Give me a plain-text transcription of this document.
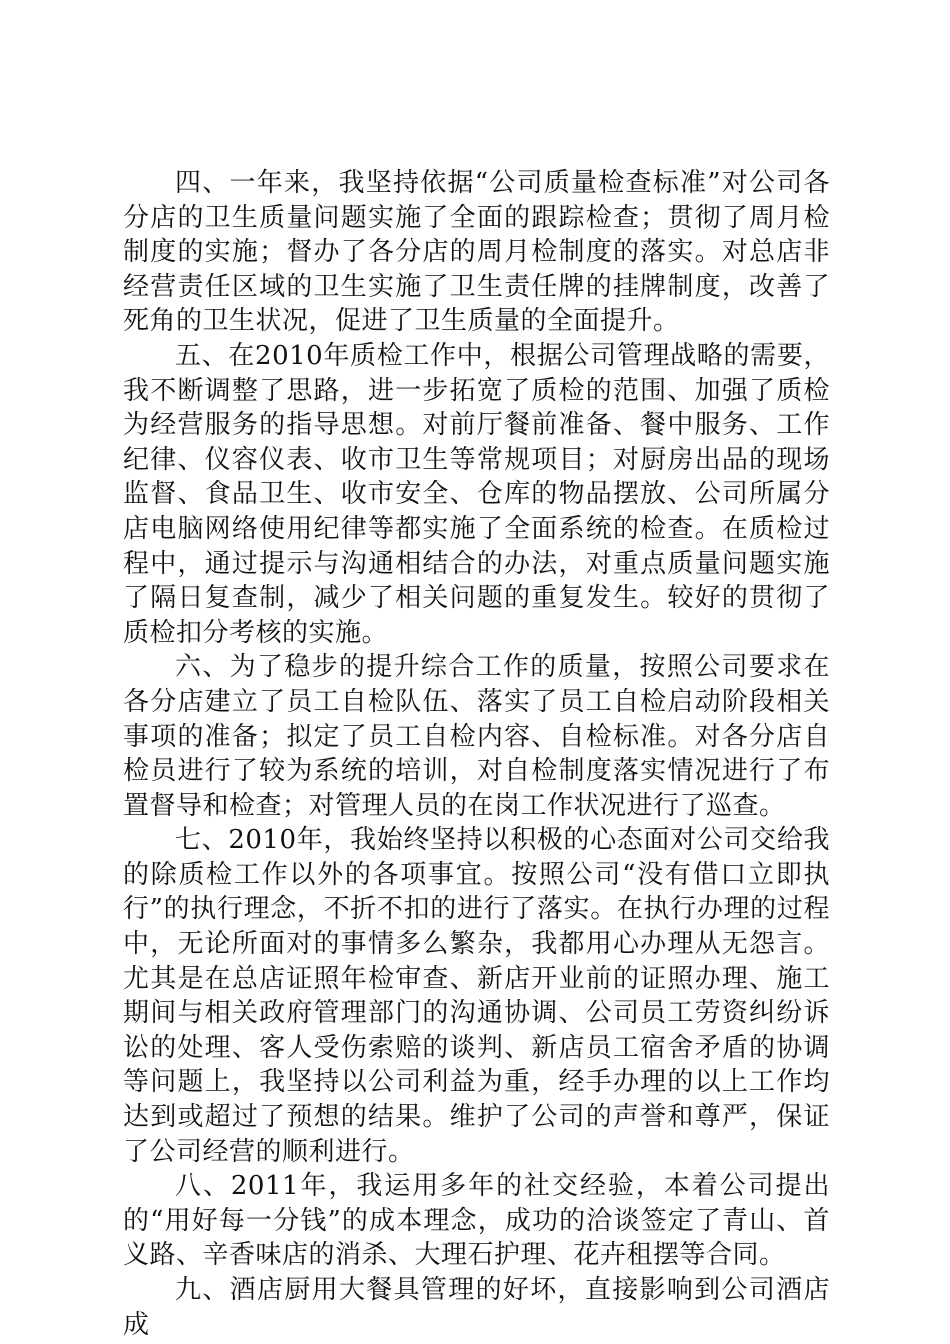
四、一年来，我坚持依据“公司质量检查标准”对公司各分店的卫生质量问题实施了全面的跟踪检查；贯彻了周月检制度的实施；督办了各分店的周月检制度的落实。对总店非经营责任区域的卫生实施了卫生责任牌的挂牌制度，改善了死角的卫生状况，促进了卫生质量的全面提升。

五、在2010年质检工作中，根据公司管理战略的需要，我不断调整了思路，进一步拓宽了质检的范围、加强了质检为经营服务的指导思想。对前厅餐前准备、餐中服务、工作纪律、仪容仪表、收市卫生等常规项目；对厨房出品的现场监督、食品卫生、收市安全、仓库的物品摆放、公司所属分店电脑网络使用纪律等都实施了全面系统的检查。在质检过程中，通过提示与沟通相结合的办法，对重点质量问题实施了隔日复查制，减少了相关问题的重复发生。较好的贯彻了质检扣分考核的实施。

六、为了稳步的提升综合工作的质量，按照公司要求在各分店建立了员工自检队伍、落实了员工自检启动阶段相关事项的准备；拟定了员工自检内容、自检标准。对各分店自检员进行了较为系统的培训，对自检制度落实情况进行了布置督导和检查；对管理人员的在岗工作状况进行了巡查。

七、2010年，我始终坚持以积极的心态面对公司交给我的除质检工作以外的各项事宜。按照公司“没有借口立即执行”的执行理念，不折不扣的进行了落实。在执行办理的过程中，无论所面对的事情多么繁杂，我都用心办理从无怨言。尤其是在总店证照年检审查、新店开业前的证照办理、施工期间与相关政府管理部门的沟通协调、公司员工劳资纠纷诉讼的处理、客人受伤索赔的谈判、新店员工宿舍矛盾的协调等问题上，我坚持以公司利益为重，经手办理的以上工作均达到或超过了预想的结果。维护了公司的声誉和尊严，保证了公司经营的顺利进行。

八、2011年，我运用多年的社交经验，本着公司提出的“用好每一分钱”的成本理念，成功的洽谈签定了青山、首义路、辛香味店的消杀、大理石护理、花卉租摆等合同。

九、酒店厨用大餐具管理的好坏，直接影响到公司酒店成
